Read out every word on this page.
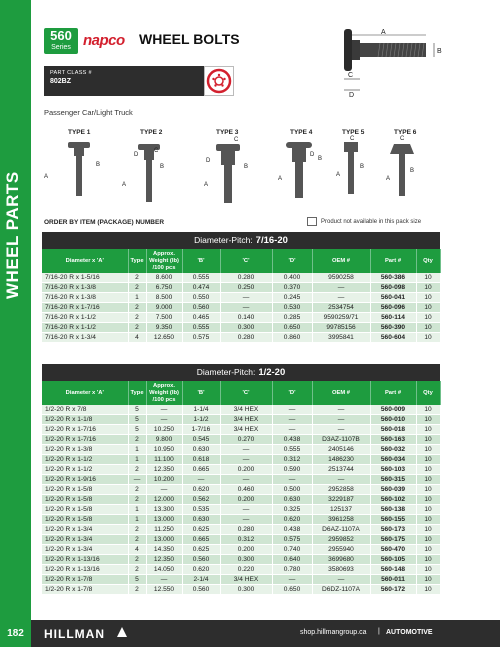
WHEEL PARTS
560
Series napco WHEEL BOLTS
PART CLASS #
802BZ
Passenger Car/Light Truck
A
B
C
D
TYPE 1	TYPE 2	TYPE 3	TYPE 4	TYPE 5	TYPE 6
A
B
A
B
C
D
A
B
C
D
A
B
D
A
B
C
A
B
C
ORDER BY ITEM (PACKAGE) NUMBER	Product not available in this pack size
Diameter-Pitch: 7/16-20
Diameter x 'A'	Type	Approx.
Weight (lb)
/100 pcs	'B'	'C'	'D'	OEM #	Part #	Qty
7/16-20 R x 1-5/16	2	8.600	0.555	0.280	0.400	9590258	560-386	10
7/16-20 R x 1-3/8	2	6.750	0.474	0.250	0.370	—	560-098	10
7/16-20 R x 1-3/8	1	8.500	0.550	—	0.245	—	560-041	10
7/16-20 R x 1-7/16	2	9.000	0.560	—	0.530	2534754	560-096	10
7/16-20 R x 1-1/2	2	7.500	0.465	0.140	0.285	9590259/71	560-114	10
7/16-20 R x 1-1/2	2	9.350	0.555	0.300	0.650	99785156	560-390	10
7/16-20 R x 1-3/4	4	12.650	0.575	0.280	0.860	3995841	560-604	10
Diameter-Pitch: 1/2-20
Diameter x 'A'	Type	Approx.
Weight (lb)
/100 pcs	'B'	'C'	'D'	OEM #	Part #	Qty
1/2-20 R x 7/8	5	—	1-1/4	3/4 HEX	—	—	560-009	10
1/2-20 R x 1-1/8	5	—	1-1/2	3/4 HEX	—	—	560-010	10
1/2-20 R x 1-7/16	5	10.250	1-7/16	3/4 HEX	—	—	560-018	10
1/2-20 R x 1-7/16	2	9.800	0.545	0.270	0.438	D3AZ-1107B	560-163	10
1/2-20 R x 1-3/8	1	10.950	0.630	—	0.555	2405146	560-032	10
1/2-20 R x 1-1/2	1	11.100	0.618	—	0.312	1486230	560-034	10
1/2-20 R x 1-1/2	2	12.350	0.665	0.200	0.590	2513744	560-103	10
1/2-20 R x 1-9/16	—	10.200	—	—	—	—	560-315	10
1/2-20 R x 1-5/8	2	—	0.620	0.460	0.500	2952858	560-039	10
1/2-20 R x 1-5/8	2	12.000	0.562	0.200	0.630	3229187	560-102	10
1/2-20 R x 1-5/8	1	13.300	0.535	—	0.325	125137	560-138	10
1/2-20 R x 1-5/8	1	13.000	0.630	—	0.620	3961258	560-155	10
1/2-20 R x 1-3/4	2	11.250	0.625	0.280	0.438	D6AZ-1107A	560-173	10
1/2-20 R x 1-3/4	2	13.000	0.665	0.312	0.575	2959852	560-175	10
1/2-20 R x 1-3/4	4	14.350	0.625	0.200	0.740	2955940	560-470	10
1/2-20 R x 1-13/16	2	12.350	0.560	0.300	0.640	3699680	560-105	10
1/2-20 R x 1-13/16	2	14.050	0.620	0.220	0.780	3580693	560-148	10
1/2-20 R x 1-7/8	5	—	2-1/4	3/4 HEX	—	—	560-011	10
1/2-20 R x 1-7/8	2	12.550	0.560	0.300	0.650	D6DZ-1107A	560-172	10
182	HILLMAN	shop.hillmangroup.ca | AUTOMOTIVE
